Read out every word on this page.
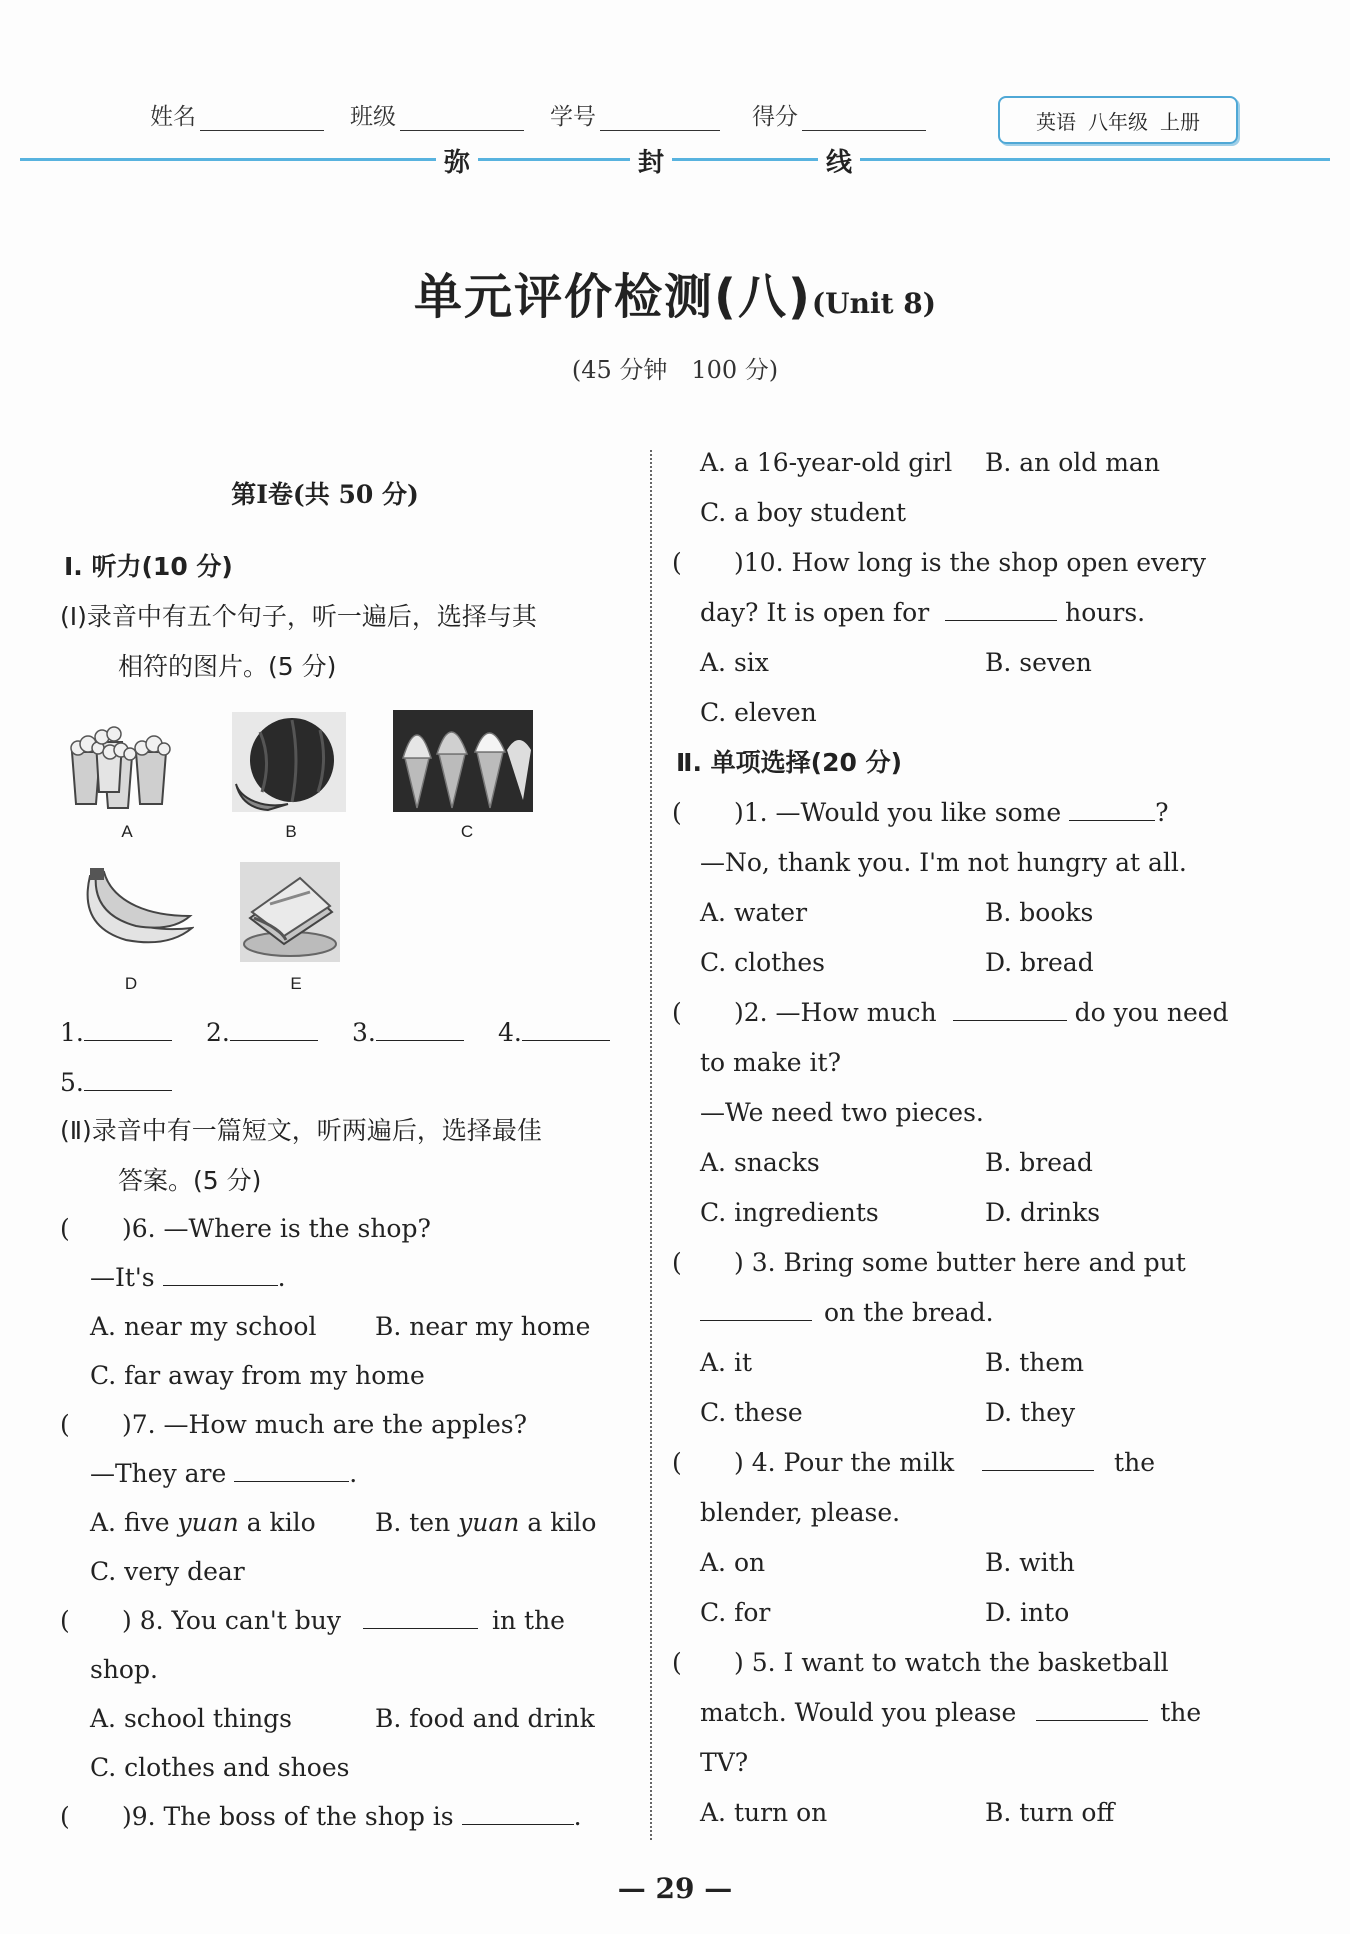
姓名	班级	学号	得分	英语 八年级 上册
弥	封	线
单元评价检测(八)(Unit 8)
(45 分钟　100 分)
第Ⅰ卷(共 50 分)
Ⅰ. 听力(10 分)
(Ⅰ)录音中有五个句子，听一遍后，选择与其
相符的图片。(5 分)
A	B	C
D	E
1.	2.	3.	4.
5.
(Ⅱ)录音中有一篇短文，听两遍后，选择最佳
答案。(5 分)
( )6. —Where is the shop?
—It's	.
A. near my school B. near my home
C. far away from my home
( )7. —How much are the apples?
—They are	.
A. five yuan a kilo B. ten yuan a kilo
C. very dear
( ) 8. You can't buy	in the
shop.
A. school things	B. food and drink
C. clothes and shoes
( )9. The boss of the shop is	.
A. a 16-year-old girl B. an old man
C. a boy student
( )10. How long is the shop open every
day? It is open for	hours.
A. six	B. seven
C. eleven
Ⅱ. 单项选择(20 分)
( )1. —Would you like some	?
—No, thank you. I'm not hungry at all.
A. water	B. books
C. clothes	D. bread
( )2. —How much	do you need
to make it?
—We need two pieces.
A. snacks	B. bread
C. ingredients	D. drinks
( ) 3. Bring some butter here and put
on the bread.
A. it	B. them
C. these	D. they
( ) 4. Pour the milk	the
blender, please.
A. on	B. with
C. for	D. into
( ) 5. I want to watch the basketball
match. Would you please	the
TV?
A. turn on	B. turn off
— 29 —
